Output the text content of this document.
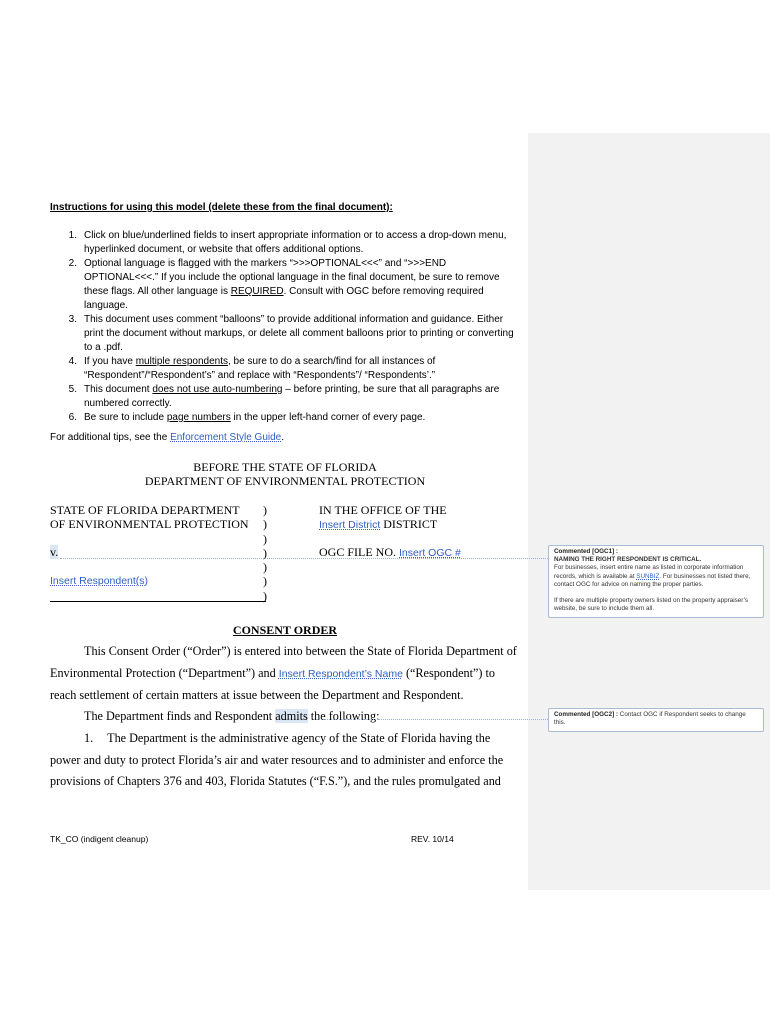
Instructions for using this model (delete these from the final document):
1. Click on blue/underlined fields to insert appropriate information or to access a drop-down menu, hyperlinked document, or website that offers additional options.
2. Optional language is flagged with the markers “>>>OPTIONAL<<<” and “>>>END OPTIONAL<<<.” If you include the optional language in the final document, be sure to remove these flags. All other language is REQUIRED. Consult with OGC before removing required language.
3. This document uses comment “balloons” to provide additional information and guidance. Either print the document without markups, or delete all comment balloons prior to printing or converting to a .pdf.
4. If you have multiple respondents, be sure to do a search/find for all instances of “Respondent”/“Respondent’s” and replace with “Respondents”/ “Respondents’.”
5. This document does not use auto-numbering – before printing, be sure that all paragraphs are numbered correctly.
6. Be sure to include page numbers in the upper left-hand corner of every page.
For additional tips, see the Enforcement Style Guide.
BEFORE THE STATE OF FLORIDA
DEPARTMENT OF ENVIRONMENTAL PROTECTION
STATE OF FLORIDA DEPARTMENT
OF ENVIRONMENTAL PROTECTION
v.
Insert Respondent(s)
)
)
)
)
)
)
)
IN THE OFFICE OF THE
Insert District DISTRICT
OGC FILE NO. Insert OGC #
CONSENT ORDER
This Consent Order (“Order”) is entered into between the State of Florida Department of Environmental Protection (“Department”) and Insert Respondent’s Name (“Respondent”) to reach settlement of certain matters at issue between the Department and Respondent.
The Department finds and Respondent admits the following:
1. The Department is the administrative agency of the State of Florida having the power and duty to protect Florida’s air and water resources and to administer and enforce the provisions of Chapters 376 and 403, Florida Statutes (“F.S.”), and the rules promulgated and
TK_CO (indigent cleanup)	REV. 10/14
Commented [OGC1] :
NAMING THE RIGHT RESPONDENT IS CRITICAL.
For businesses, insert entire name as listed in corporate information records, which is available at SUNBIZ. For businesses not listed there, contact OGC for advice on naming the proper parties.
If there are multiple property owners listed on the property appraiser’s website, be sure to include them all.
Commented [OGC2] : Contact OGC if Respondent seeks to change this.
